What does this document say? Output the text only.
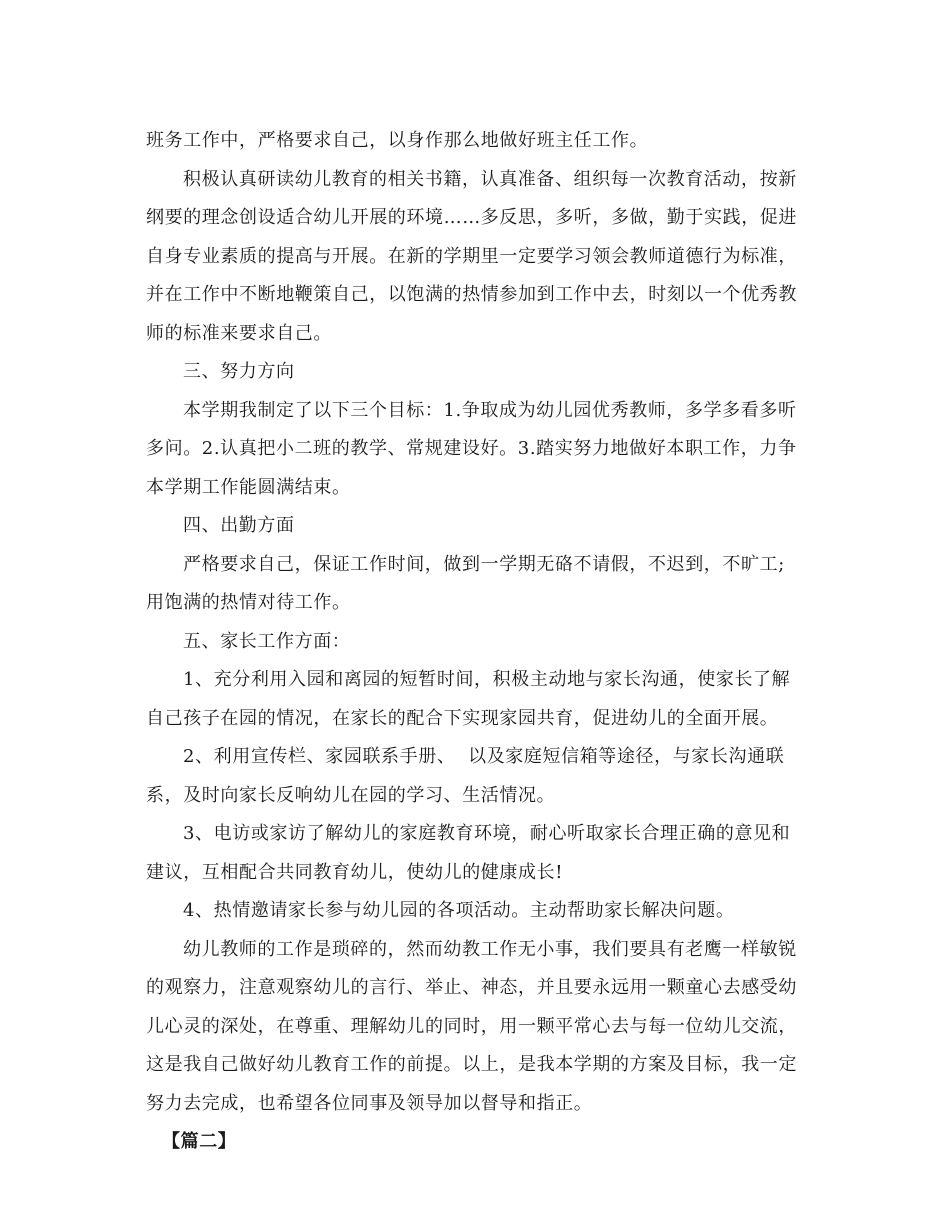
班务工作中，严格要求自己，以身作那么地做好班主任工作。
积极认真研读幼儿教育的相关书籍，认真准备、组织每一次教育活动，按新
纲要的理念创设适合幼儿开展的环境……多反思，多听，多做，勤于实践，促进
自身专业素质的提高与开展。在新的学期里一定要学习领会教师道德行为标准，
并在工作中不断地鞭策自己，以饱满的热情参加到工作中去，时刻以一个优秀教
师的标准来要求自己。
三、努力方向
本学期我制定了以下三个目标：1.争取成为幼儿园优秀教师，多学多看多听
多问。2.认真把小二班的教学、常规建设好。3.踏实努力地做好本职工作，力争
本学期工作能圆满结束。
四、出勤方面
严格要求自己，保证工作时间，做到一学期无硌不请假，不迟到，不旷工;
用饱满的热情对待工作。
五、家长工作方面：
1、充分利用入园和离园的短暂时间，积极主动地与家长沟通，使家长了解
自己孩子在园的情况，在家长的配合下实现家园共育，促进幼儿的全面开展。
2、利用宣传栏、家园联系手册、  以及家庭短信箱等途径，与家长沟通联
系，及时向家长反响幼儿在园的学习、生活情况。
3、电访或家访了解幼儿的家庭教育环境，耐心听取家长合理正确的意见和
建议，互相配合共同教育幼儿，使幼儿的健康成长!
4、热情邀请家长参与幼儿园的各项活动。主动帮助家长解决问题。
幼儿教师的工作是琐碎的，然而幼教工作无小事，我们要具有老鹰一样敏锐
的观察力，注意观察幼儿的言行、举止、神态，并且要永远用一颗童心去感受幼
儿心灵的深处，在尊重、理解幼儿的同时，用一颗平常心去与每一位幼儿交流，
这是我自己做好幼儿教育工作的前提。以上，是我本学期的方案及目标，我一定
努力去完成，也希望各位同事及领导加以督导和指正。
【篇二】
